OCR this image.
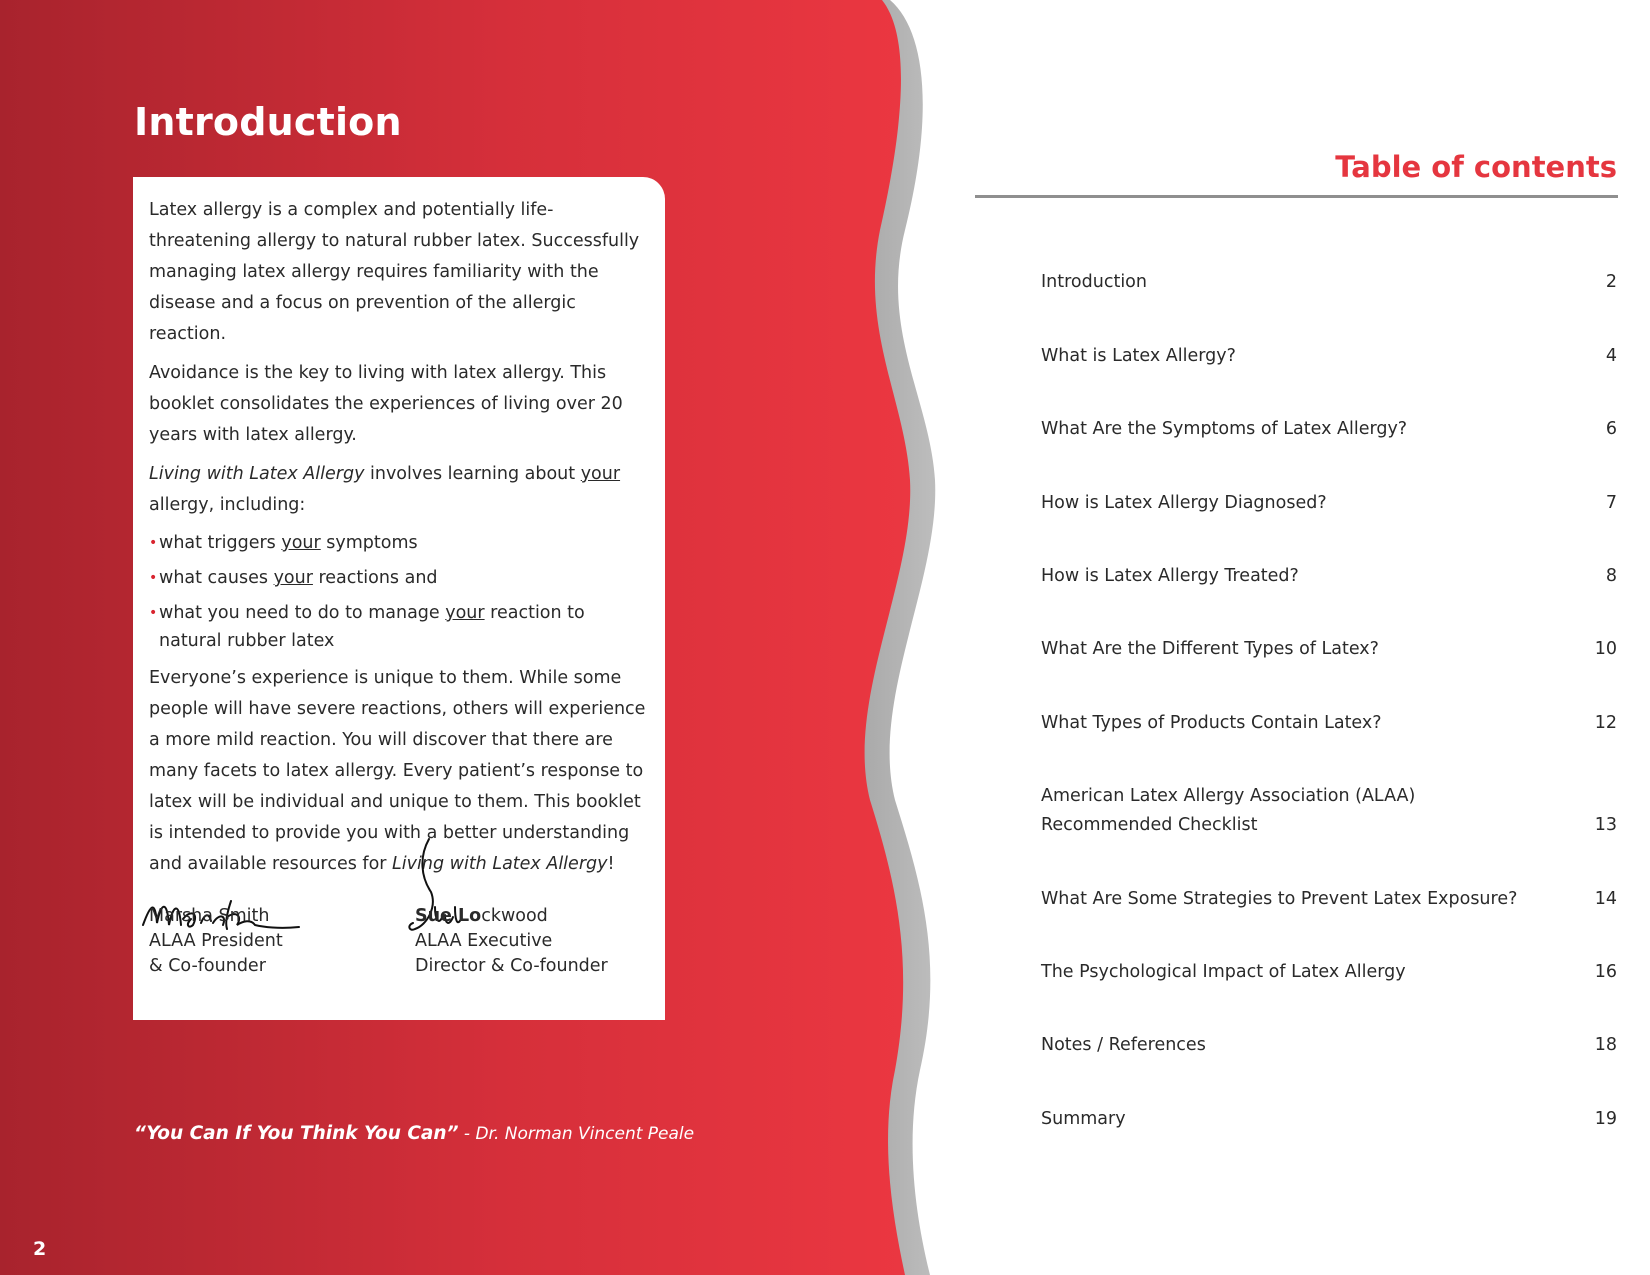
Introduction

Latex allergy is a complex and potentially life-threatening allergy to natural rubber latex. Successfully managing latex allergy requires familiarity with the disease and a focus on prevention of the allergic reaction.

Avoidance is the key to living with latex allergy. This booklet consolidates the experiences of living over 20 years with latex allergy.

Living with Latex Allergy involves learning about your allergy, including:

• what triggers your symptoms
• what causes your reactions and
• what you need to do to manage your reaction to natural rubber latex

Everyone’s experience is unique to them. While some people will have severe reactions, others will experience a more mild reaction. You will discover that there are many facets to latex allergy. Every patient’s response to latex will be individual and unique to them. This booklet is intended to provide you with a better understanding and available resources for Living with Latex Allergy!

Marsha Smith
ALAA President
& Co-founder
Sue Lockwood
ALAA Executive
Director & Co-founder
“You Can If You Think You Can” - Dr. Norman Vincent Peale
2
Table of contents
Introduction	2
What is Latex Allergy?	4
What Are the Symptoms of Latex Allergy?	6
How is Latex Allergy Diagnosed?	7
How is Latex Allergy Treated?	8
What Are the Different Types of Latex?	10
What Types of Products Contain Latex?	12
American Latex Allergy Association (ALAA)
Recommended Checklist	13
What Are Some Strategies to Prevent Latex Exposure?	14
The Psychological Impact of Latex Allergy	16
Notes / References	18
Summary	19
